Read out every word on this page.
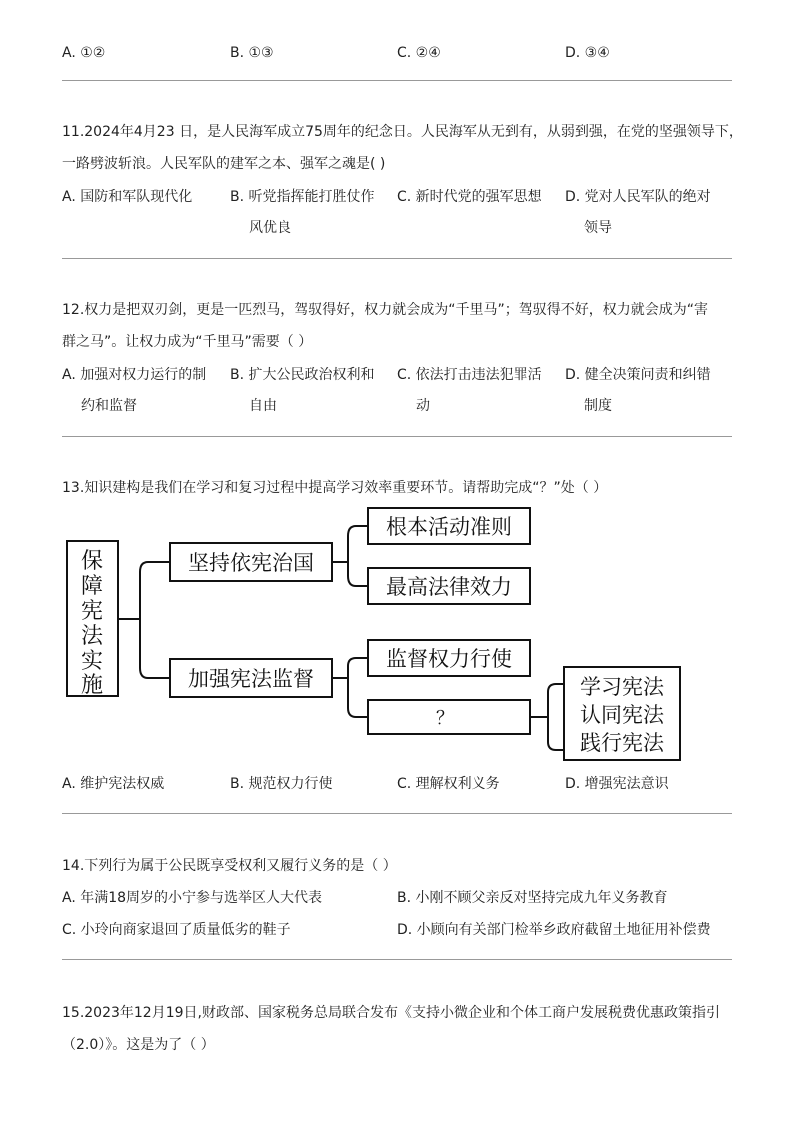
A. ①②	B. ①③	C. ②④	D. ③④
11.2024年4月23 日，是人民海军成立75周年的纪念日。人民海军从无到有，从弱到强，在党的坚强领导下，
一路劈波斩浪。人民军队的建军之本、强军之魂是( )
A. 国防和军队现代化	B. 听党指挥能打胜仗作
风优良
C. 新时代党的强军思想 D. 党对人民军队的绝对
领导
12.权力是把双刃剑，更是一匹烈马，驾驭得好，权力就会成为“千里马”；驾驭得不好，权力就会成为“害
群之马”。让权力成为“千里马”需要（ ）
A. 加强对权力运行的制
约和监督
B. 扩大公民政治权利和
自由
C. 依法打击违法犯罪活
动
D. 健全决策问责和纠错
制度
13.知识建构是我们在学习和复习过程中提高学习效率重要环节。请帮助完成“？”处（ ）
保
障
宪
法
实
施
坚持依宪治国
根本活动准则
最高法律效力
加强宪法监督
监督权力行使
？
学习宪法
认同宪法
践行宪法
A. 维护宪法权威	B. 规范权力行使	C. 理解权利义务	D. 增强宪法意识
14.下列行为属于公民既享受权利又履行义务的是（ ）
A. 年满18周岁的小宁参与选举区人大代表	B. 小刚不顾父亲反对坚持完成九年义务教育
C. 小玲向商家退回了质量低劣的鞋子	D. 小顾向有关部门检举乡政府截留土地征用补偿费
15.2023年12月19日,财政部、国家税务总局联合发布《支持小微企业和个体工商户发展税费优惠政策指引
（2.0）》。这是为了（ ）
